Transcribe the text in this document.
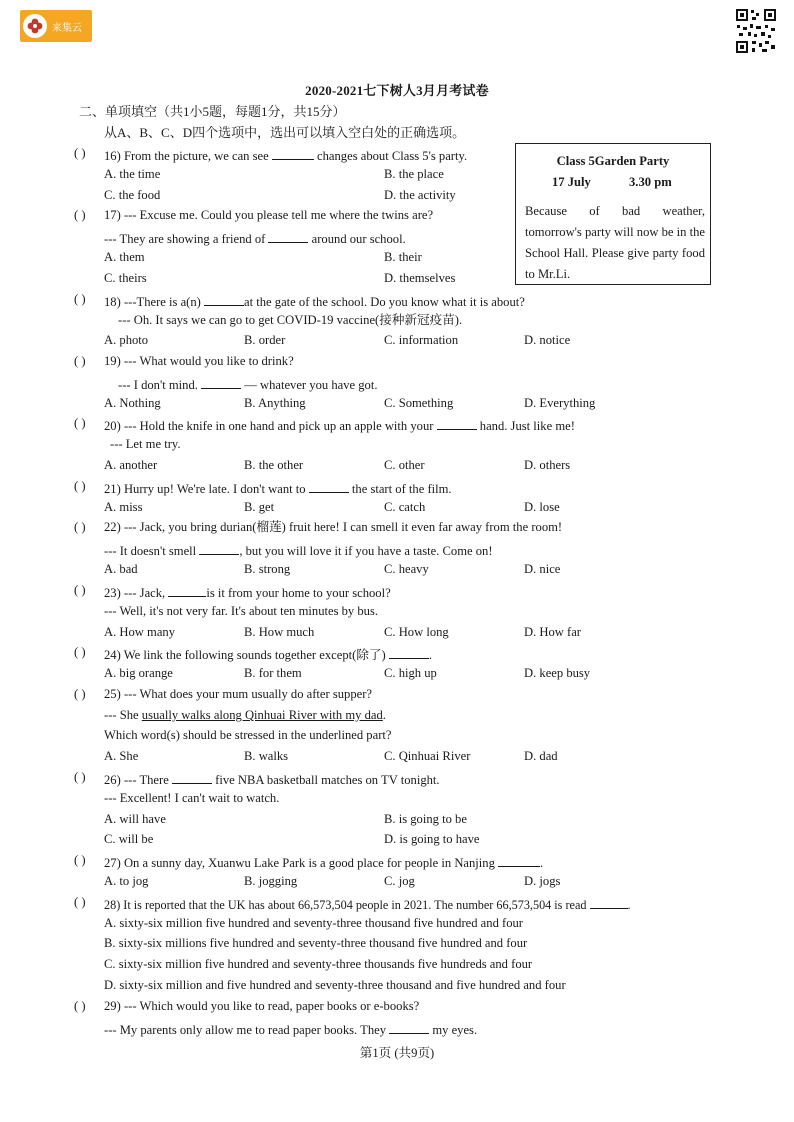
来集云
2020-2021七下树人3月月考试卷
二、单项填空（共1小5题，每题1分，共15分）
从A、B、C、D四个选项中，选出可以填入空白处的正确选项。
Class 5Garden Party
17 July	3.30 pm
Because of bad weather, tomorrow's party will now be in the School Hall. Please give party food to Mr.Li.
( ) 16) From the picture, we can see	changes about Class 5's party.
A. the time	B. the place
C. the food	D. the activity
( ) 17) --- Excuse me. Could you please tell me where the twins are?
--- They are showing a friend of	around our school.
A. them	B. their
C. theirs	D. themselves
( ) 18) ---There is a(n)	at the gate of the school. Do you know what it is about?
--- Oh. It says we can go to get COVID-19 vaccine(接种新冠疫苗).
A. photo	B. order	C. information	D. notice
( ) 19) --- What would you like to drink?
--- I don't mind.	— whatever you have got.
A. Nothing	B. Anything	C. Something	D. Everything
( ) 20) --- Hold the knife in one hand and pick up an apple with your	hand. Just like me!
--- Let me try.
A. another	B. the other	C. other	D. others
( ) 21) Hurry up! We're late. I don't want to	the start of the film.
A. miss	B. get	C. catch	D. lose
( ) 22) --- Jack, you bring durian(榴莲) fruit here! I can smell it even far away from the room!
--- It doesn't smell	, but you will love it if you have a taste. Come on!
A. bad	B. strong	C. heavy	D. nice
( ) 23) --- Jack,	is it from your home to your school?
--- Well, it's not very far. It's about ten minutes by bus.
A. How many	B. How much	C. How long	D. How far
( ) 24) We link the following sounds together except(除了)	.
A. big orange	B. for them	C. high up	D. keep busy
( ) 25) --- What does your mum usually do after supper?
--- She usually walks along Qinhuai River with my dad.
Which word(s) should be stressed in the underlined part?
A. She	B. walks	C. Qinhuai River	D. dad
( ) 26) --- There	five NBA basketball matches on TV tonight.
--- Excellent! I can't wait to watch.
A. will have	B. is going to be
C. will be	D. is going to have
( ) 27) On a sunny day, Xuanwu Lake Park is a good place for people in Nanjing	.
A. to jog	B. jogging	C. jog	D. jogs
( ) 28) It is reported that the UK has about 66,573,504 people in 2021. The number 66,573,504 is read	.
A. sixty-six million five hundred and seventy-three thousand five hundred and four
B. sixty-six millions five hundred and seventy-three thousand five hundred and four
C. sixty-six million five hundred and seventy-three thousands five hundreds and four
D. sixty-six million and five hundred and seventy-three thousand and five hundred and four
( ) 29) --- Which would you like to read, paper books or e-books?
--- My parents only allow me to read paper books. They	my eyes.
第1页 (共9页)
